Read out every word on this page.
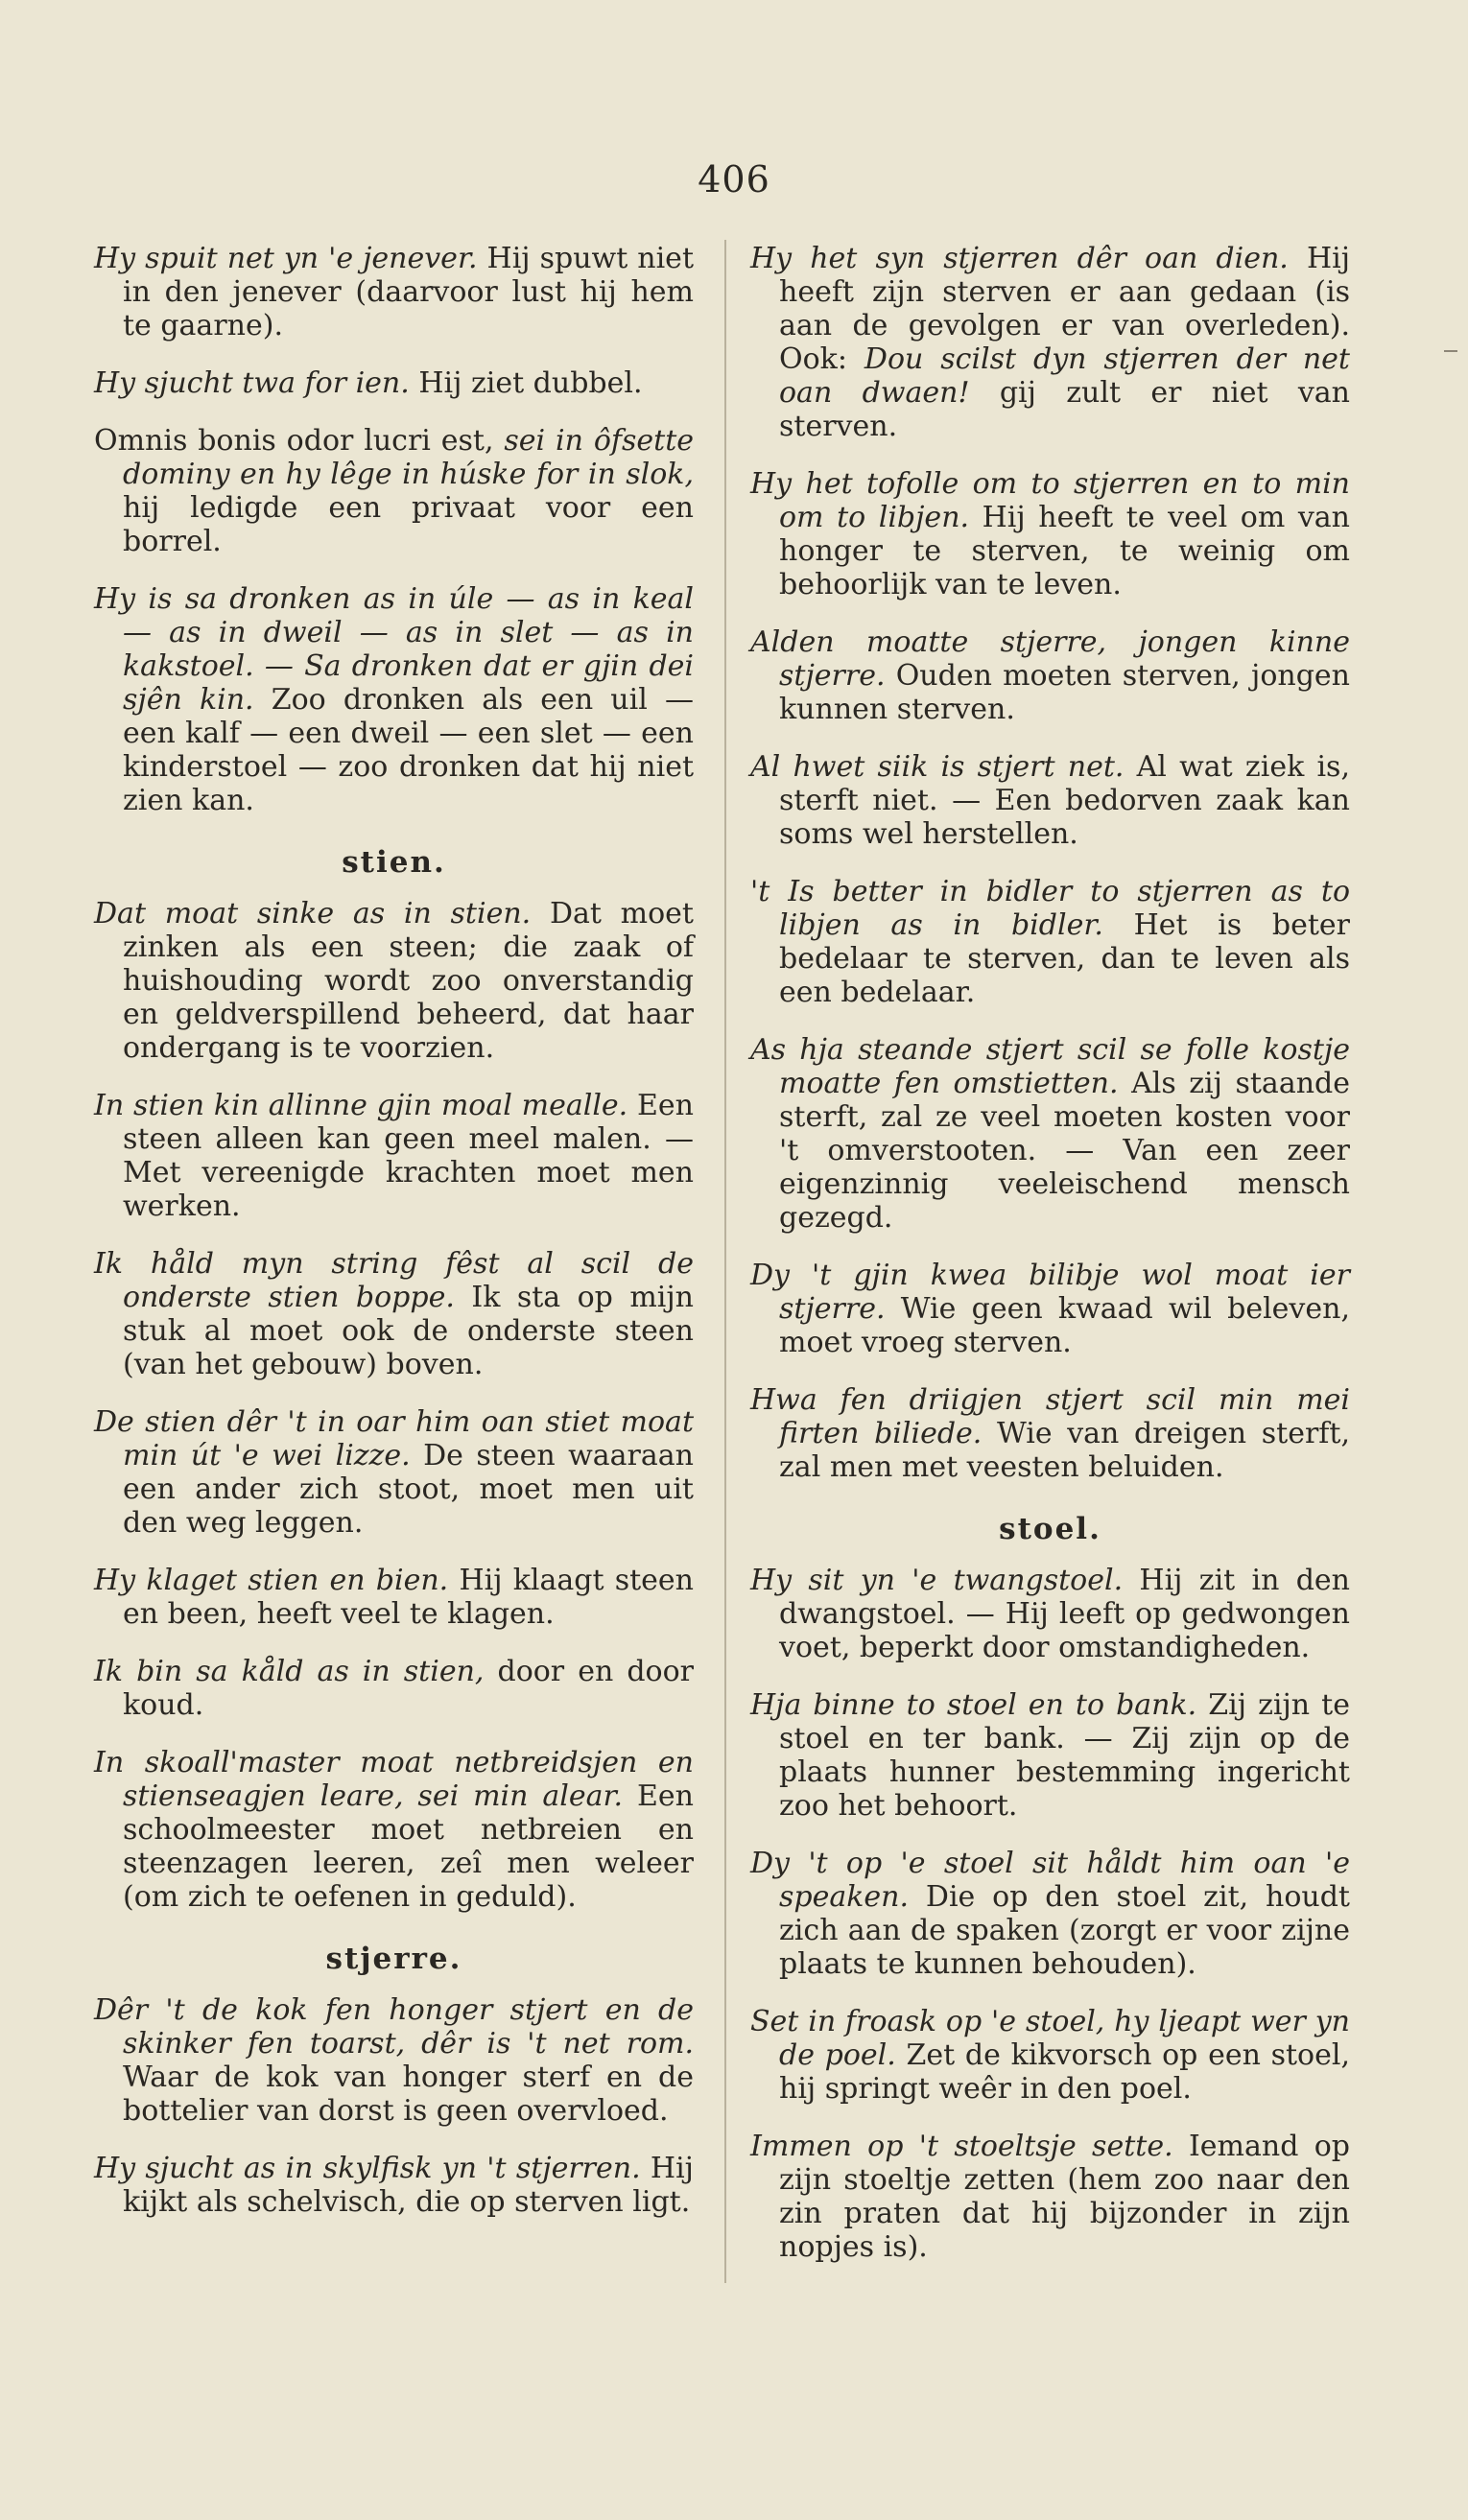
406

Hy spuit net yn 'e jenever. Hij spuwt niet in den jenever (daarvoor lust hij hem te gaarne).

Hy sjucht twa for ien. Hij ziet dubbel.

Omnis bonis odor lucri est, sei in ôfsette dominy en hy lêge in húske for in slok, hij ledigde een privaat voor een borrel.

Hy is sa dronken as in úle — as in keal — as in dweil — as in slet — as in kakstoel. — Sa dronken dat er gjin dei sjên kin. Zoo dronken als een uil — een kalf — een dweil — een slet — een kinderstoel — zoo dronken dat hij niet zien kan.

stien.

Dat moat sinke as in stien. Dat moet zinken als een steen; die zaak of huishouding wordt zoo onverstandig en geldverspillend beheerd, dat haar ondergang is te voorzien.

In stien kin allinne gjin moal mealle. Een steen alleen kan geen meel malen. — Met vereenigde krachten moet men werken.

Ik håld myn string fêst al scil de onderste stien boppe. Ik sta op mijn stuk al moet ook de onderste steen (van het gebouw) boven.

De stien dêr 't in oar him oan stiet moat min út 'e wei lizze. De steen waaraan een ander zich stoot, moet men uit den weg leggen.

Hy klaget stien en bien. Hij klaagt steen en been, heeft veel te klagen.

Ik bin sa kåld as in stien, door en door koud.

In skoall'master moat netbreidsjen en stienseagjen leare, sei min alear. Een schoolmeester moet netbreien en steenzagen leeren, zeî men weleer (om zich te oefenen in geduld).

stjerre.

Dêr 't de kok fen honger stjert en de skinker fen toarst, dêr is 't net rom. Waar de kok van honger sterf en de bottelier van dorst is geen overvloed.

Hy sjucht as in skylfisk yn 't stjerren. Hij kijkt als schelvisch, die op sterven ligt.

Hy het syn stjerren dêr oan dien. Hij heeft zijn sterven er aan gedaan (is aan de gevolgen er van overleden). Ook: Dou scilst dyn stjerren der net oan dwaen! gij zult er niet van sterven.

Hy het tofolle om to stjerren en to min om to libjen. Hij heeft te veel om van honger te sterven, te weinig om behoorlijk van te leven.

Alden moatte stjerre, jongen kinne stjerre. Ouden moeten sterven, jongen kunnen sterven.

Al hwet siik is stjert net. Al wat ziek is, sterft niet. — Een bedorven zaak kan soms wel herstellen.

't Is better in bidler to stjerren as to libjen as in bidler. Het is beter bedelaar te sterven, dan te leven als een bedelaar.

As hja steande stjert scil se folle kostje moatte fen omstietten. Als zij staande sterft, zal ze veel moeten kosten voor 't omverstooten. — Van een zeer eigenzinnig veeleischend mensch gezegd.

Dy 't gjin kwea bilibje wol moat ier stjerre. Wie geen kwaad wil beleven, moet vroeg sterven.

Hwa fen driigjen stjert scil min mei firten biliede. Wie van dreigen sterft, zal men met veesten beluiden.

stoel.

Hy sit yn 'e twangstoel. Hij zit in den dwangstoel. — Hij leeft op gedwongen voet, beperkt door omstandigheden.

Hja binne to stoel en to bank. Zij zijn te stoel en ter bank. — Zij zijn op de plaats hunner bestemming ingericht zoo het behoort.

Dy 't op 'e stoel sit håldt him oan 'e speaken. Die op den stoel zit, houdt zich aan de spaken (zorgt er voor zijne plaats te kunnen behouden).

Set in froask op 'e stoel, hy ljeapt wer yn de poel. Zet de kikvorsch op een stoel, hij springt weêr in den poel.

Immen op 't stoeltsje sette. Iemand op zijn stoeltje zetten (hem zoo naar den zin praten dat hij bijzonder in zijn nopjes is).
